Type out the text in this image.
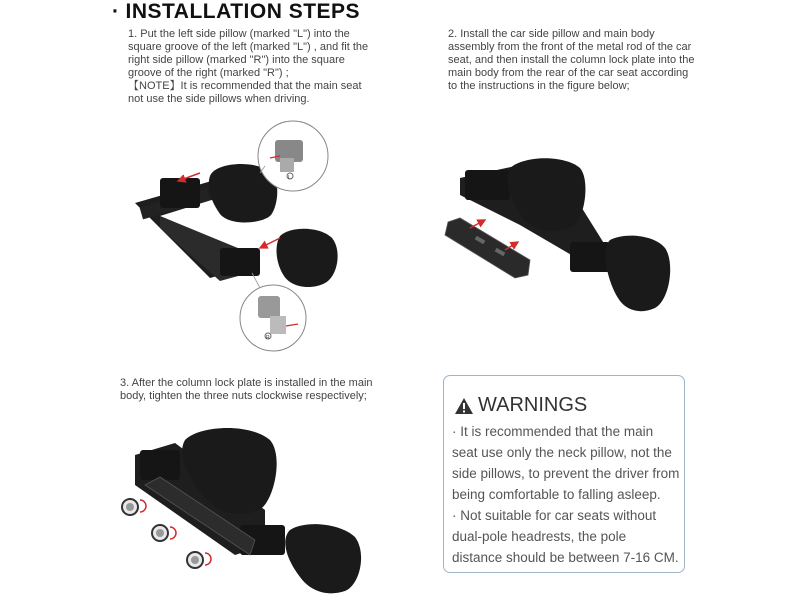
· INSTALLATION STEPS
1. Put the left side pillow (marked "L") into the square groove of the left (marked "L") , and fit the right side pillow (marked "R") into the square groove of the right (marked "R") ;
【NOTE】It is recommended that the main seat not use the side pillows when driving.
2. Install the car side pillow and main body assembly from the front of the metal rod of the car seat, and then install the column lock plate into the main body from the rear of the car seat according to the instructions in the figure below;
3. After the column lock plate is installed in the main body, tighten the three nuts clockwise respectively;
L
R
WARNINGS

· It is recommended that the main seat use only the neck pillow, not the side pillows, to prevent the driver from being comfortable to falling asleep.

· Not suitable for car seats without dual-pole headrests, the pole distance should be between 7-16 CM.
